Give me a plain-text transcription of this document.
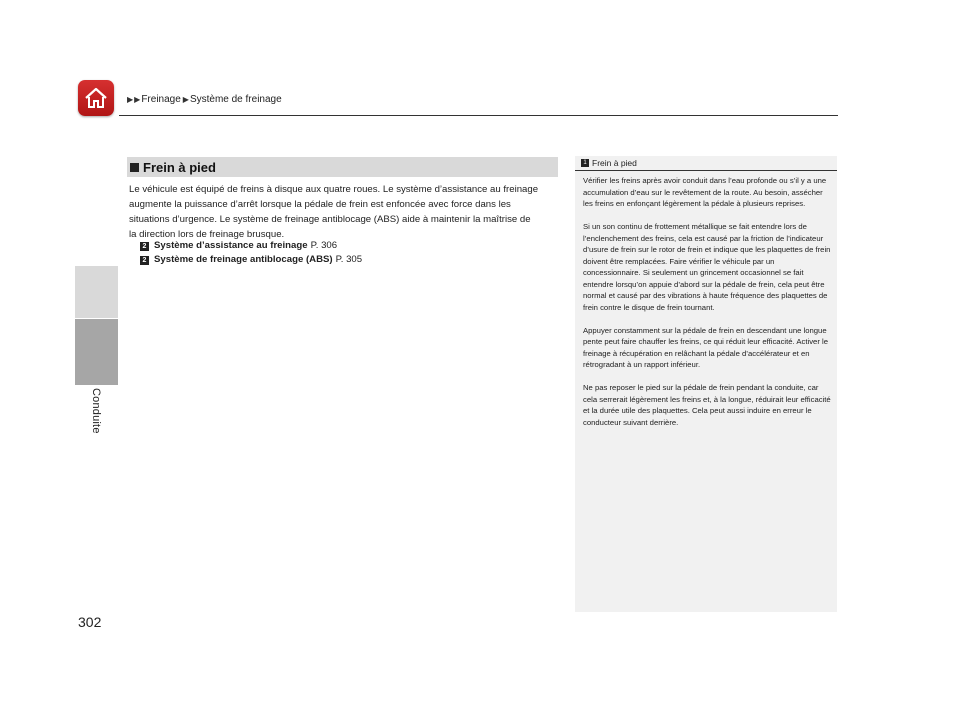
▶ ▶ Freinage ▶ Système de freinage
Conduite
Frein à pied
Le véhicule est équipé de freins à disque aux quatre roues. Le système d’assistance au freinage
augmente la puissance d’arrêt lorsque la pédale de frein est enfoncée avec force dans les
situations d’urgence. Le système de freinage antiblocage (ABS) aide à maintenir la maîtrise de
la direction lors de freinage brusque.
2 Système d’assistance au freinage P. 306
2 Système de freinage antiblocage (ABS) P. 305
1 Frein à pied

Vérifier les freins après avoir conduit dans l’eau profonde ou s’il y a une accumulation d’eau sur le revêtement de la route. Au besoin, assécher les freins en enfonçant légèrement la pédale à plusieurs reprises.

Si un son continu de frottement métallique se fait entendre lors de l’enclenchement des freins, cela est causé par la friction de l’indicateur d’usure de frein sur le rotor de frein et indique que les plaquettes de frein doivent être remplacées. Faire vérifier le véhicule par un concessionnaire. Si seulement un grincement occasionnel se fait entendre lorsqu’on appuie d’abord sur la pédale de frein, cela peut être normal et causé par des vibrations à haute fréquence des plaquettes de frein contre le disque de frein tournant.

Appuyer constamment sur la pédale de frein en descendant une longue pente peut faire chauffer les freins, ce qui réduit leur efficacité. Activer le freinage à récupération en relâchant la pédale d’accélérateur et en rétrogradant à un rapport inférieur.

Ne pas reposer le pied sur la pédale de frein pendant la conduite, car cela serrerait légèrement les freins et, à la longue, réduirait leur efficacité et la durée utile des plaquettes. Cela peut aussi induire en erreur le conducteur suivant derrière.

302
